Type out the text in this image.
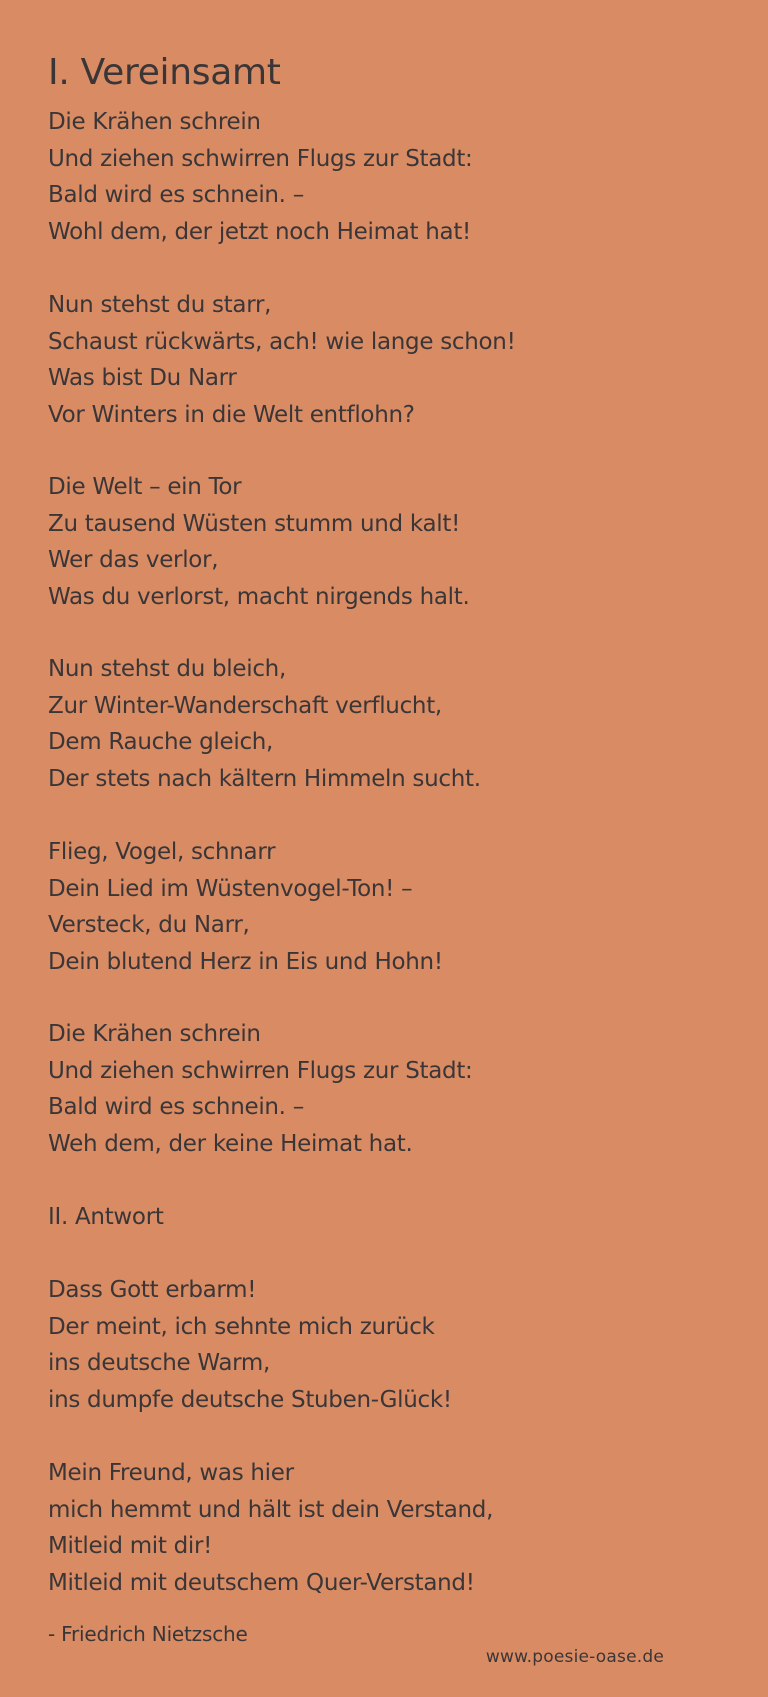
I. Vereinsamt
Die Krähen schrein
Und ziehen schwirren Flugs zur Stadt:
Bald wird es schnein. –
Wohl dem, der jetzt noch Heimat hat!
Nun stehst du starr,
Schaust rückwärts, ach! wie lange schon!
Was bist Du Narr
Vor Winters in die Welt entflohn?
Die Welt – ein Tor
Zu tausend Wüsten stumm und kalt!
Wer das verlor,
Was du verlorst, macht nirgends halt.
Nun stehst du bleich,
Zur Winter-Wanderschaft verflucht,
Dem Rauche gleich,
Der stets nach kältern Himmeln sucht.
Flieg, Vogel, schnarr
Dein Lied im Wüstenvogel-Ton! –
Versteck, du Narr,
Dein blutend Herz in Eis und Hohn!
Die Krähen schrein
Und ziehen schwirren Flugs zur Stadt:
Bald wird es schnein. –
Weh dem, der keine Heimat hat.
II. Antwort
Dass Gott erbarm!
Der meint, ich sehnte mich zurück
ins deutsche Warm,
ins dumpfe deutsche Stuben-Glück!
Mein Freund, was hier
mich hemmt und hält ist dein Verstand,
Mitleid mit dir!
Mitleid mit deutschem Quer-Verstand!
- Friedrich Nietzsche
www.poesie-oase.de
